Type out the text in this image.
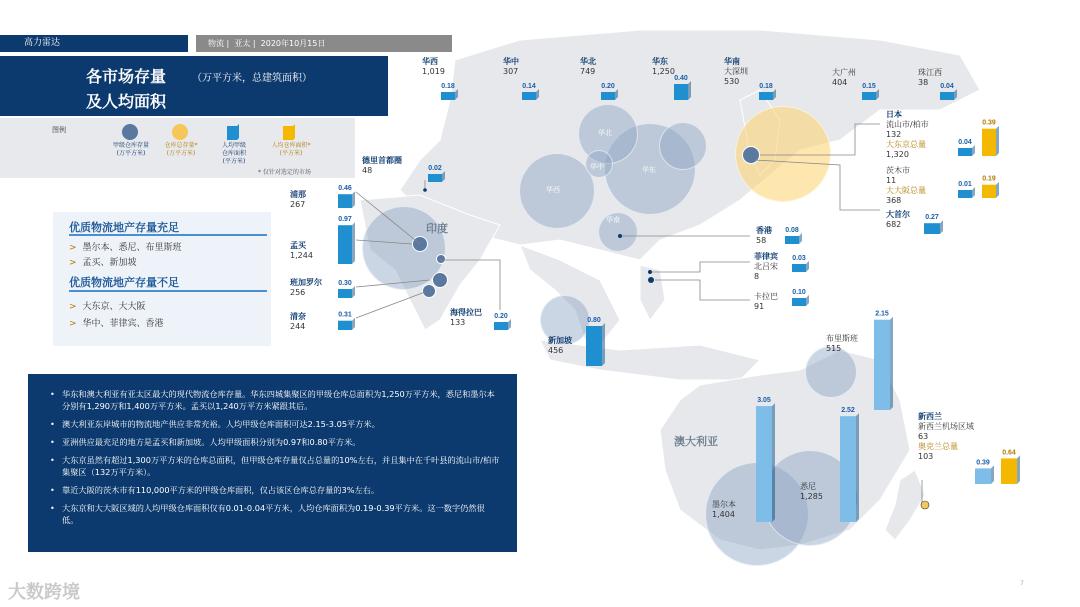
高力雷达	物流 |  亚太 |  2020年10月15日
各市场存量	（万平方米，总建筑面积）
及人均面积
图例
甲级仓库存量
(万平方米)
仓库总存量*
(万平方米)
人均甲级
仓库面积
(平方米)
人均仓库面积*
(平方米)
* 仅针对选定的市场
优质物流地产存量充足
> 墨尔本、悉尼、布里斯班
> 孟买、新加坡
优质物流地产存量不足
> 大东京、大大阪
> 华中、菲律宾、香港
• 华东和澳大利亚有亚太区最大的现代物流仓库存量。华东四城集聚区的甲级仓库总面积为1,250万平方米，悉尼和墨尔本分别有1,290万和1,400万平方米。孟买以1,240万平方米紧跟其后。
• 澳大利亚东岸城市的物流地产供应非常充裕。人均甲级仓库面积可达2.15-3.05平方米。
• 亚洲供应最充足的地方是孟买和新加坡。人均甲级面积分别为0.97和0.80平方米。
• 大东京虽然有超过1,300万平方米的仓库总面积，但甲级仓库存量仅占总量的10%左右，并且集中在千叶县的流山市/柏市集聚区（132万平方米）。
• 靠近大阪的茨木市有110,000平方米的甲级仓库面积，仅占该区仓库总存量的3%左右。
• 大东京和大大阪区域的人均甲级仓库面积仅有0.01-0.04平方米，人均仓库面积为0.19-0.39平方米。这一数字仍然很低。
华北
华中	华东
华西
华南
印度
澳大利亚
0.18	0.14	0.20
0.40
0.18	0.15	0.04
0.02
0.46
0.97
0.30
0.31	0.20
0.08
0.03
0.10
0.80
0.04
0.39
0.01
0.19
0.27
2.15
3.05
2.52
0.39
0.64
华西
1,019
华中
307
华北
749
华东
1,250
华南
大深圳
530
大广州
404
珠江西
38
德里首都圈
48
浦那
267
孟买
1,244
班加罗尔
256
清奈
244
海得拉巴
133
香港
58
菲律宾
北吕宋
8
卡拉巴
91
新加坡
456
日本
流山市/柏市
132
大东京总量
1,320
茨木市
11
大大阪总量
368
大首尔
682
布里斯班
515
墨尔本
1,404
悉尼
1,285
新西兰
新西兰机场区域
63
奥克兰总量
103
大数跨境	7
